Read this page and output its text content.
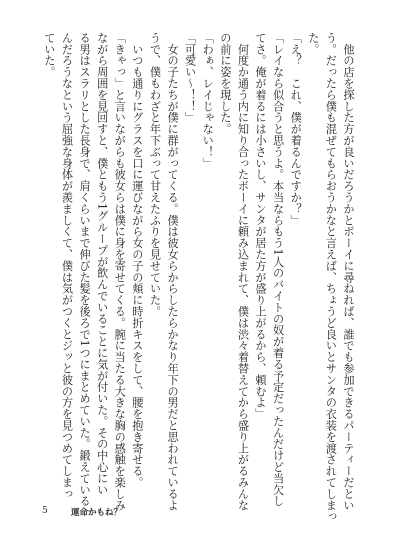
　他の店を探した方が良いだろうかとボーイに尋ねれば、誰でも参加できるパーティーだとい

う。だったら僕も混ぜてもらおうかなと言えば、ちょうど良いとサンタの衣装を渡されてしまっ

た。

「え？　これ、僕が着るんですか？」

「レイなら似合うと思うよ。本当ならもう1人のバイトの奴が着る予定だったんだけど当欠し

てさ。俺が着るには小さいし、サンタが居た方が盛り上がるから、頼むよ」

　何度か通う内に知り合ったボーイに頼み込まれて、僕は渋々着替えてから盛り上がるみんな

の前に姿を現した。

「わぁ、レイじゃない！」

「可愛い～！！」

　女の子たちが僕に群がってくる。僕は彼女らからしたらかなり年下の男だと思われているよ

うで、僕もわざと年下ぶって甘えたふりを見せていた。

　いつも通りにグラスを口に運びながら女の子の頬に時折キスをして、腰を抱き寄せる。

「きゃっ」と言いながらも彼女らは僕に身を寄せてくる。腕に当たる大きな胸の感触を楽しみ

ながら周囲を見回すと、僕ともう1グループが飲んでいることに気が付いた。その中心にい

る男はスラリとした長身で、肩くらいまで伸びた髪を後ろで1つにまとめていた。鍛えている

んだろうなという屈強な身体が羨ましくて、僕は気がつくとジッと彼の方を見つめてしまっ

ていた。

5	運命かもね？
